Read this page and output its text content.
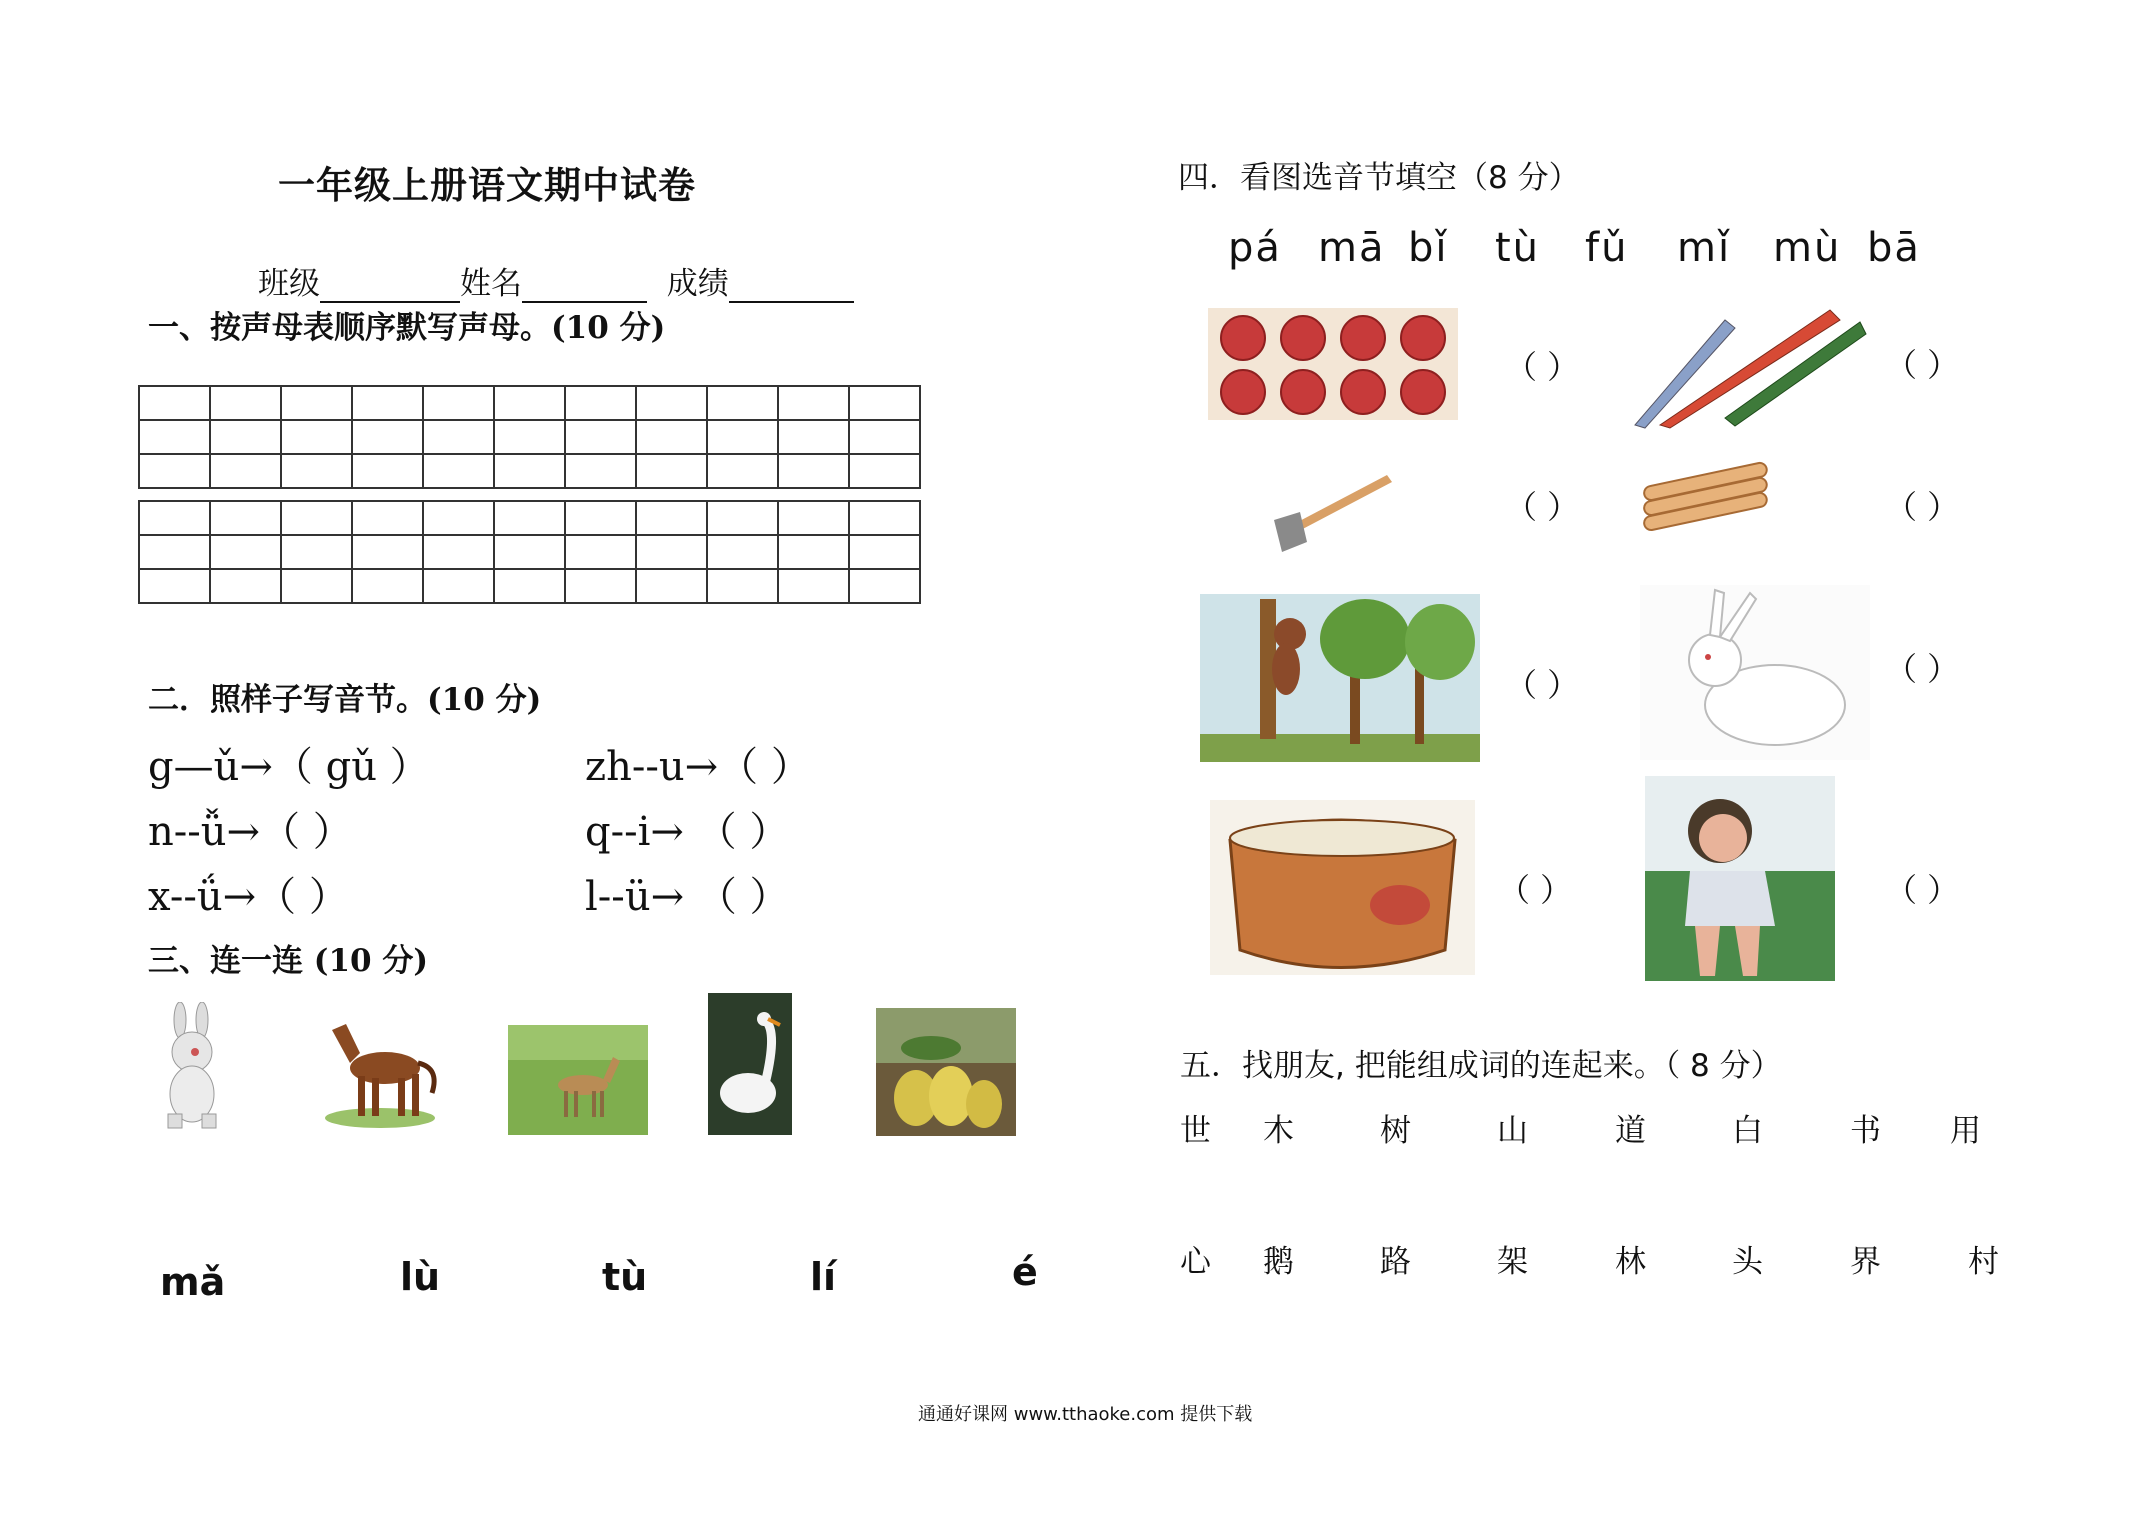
一年级上册语文期中试卷
班级	姓名	成绩
一、按声母表顺序默写声母。(10 分)

二．照样子写音节。(10 分)
g—ǔ→（ gǔ ）	zh--u→（ ）
n--ǚ→（ ）	q--i→ （ ）
x--ǘ→（ ）	l--ü→ （ ）
三、连一连 (10 分)
mǎ	lù	tù	lí	é
四．看图选音节填空（8 分）
pá mā bǐ tù fǔ mǐ mù bā
（ ）	（ ）
（ ）	（ ）
（ ）	（ ）
（ ）	（ ）
五．找朋友, 把能组成词的连起来。（ 8 分）
世 木	树	山	道	白	书 用
心 鹅	路	架	林	头	界	村
通通好课网 www.tthaoke.com 提供下载
